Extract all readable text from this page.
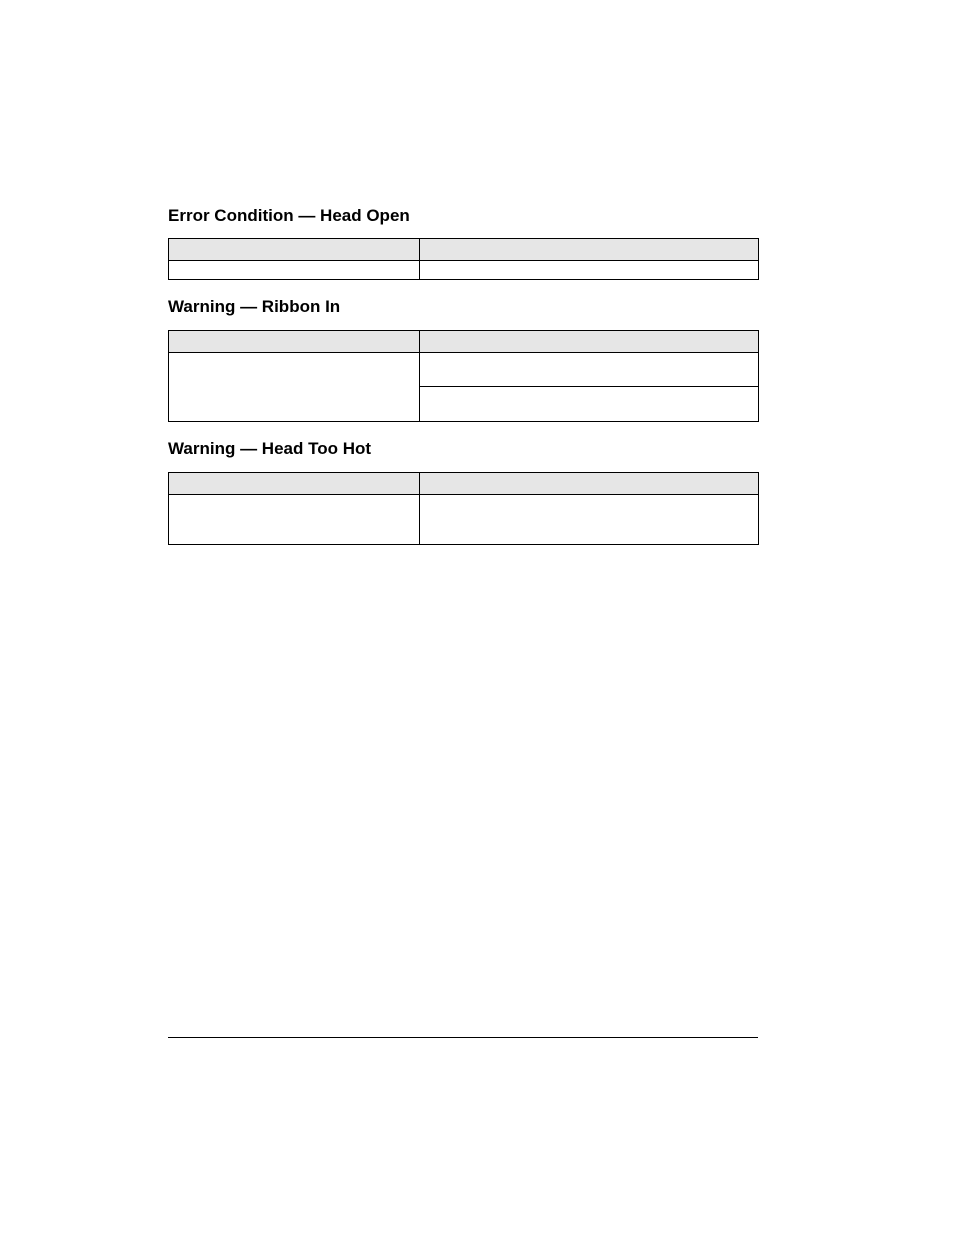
Error Condition — Head Open

Warning — Ribbon In

Warning — Head Too Hot
